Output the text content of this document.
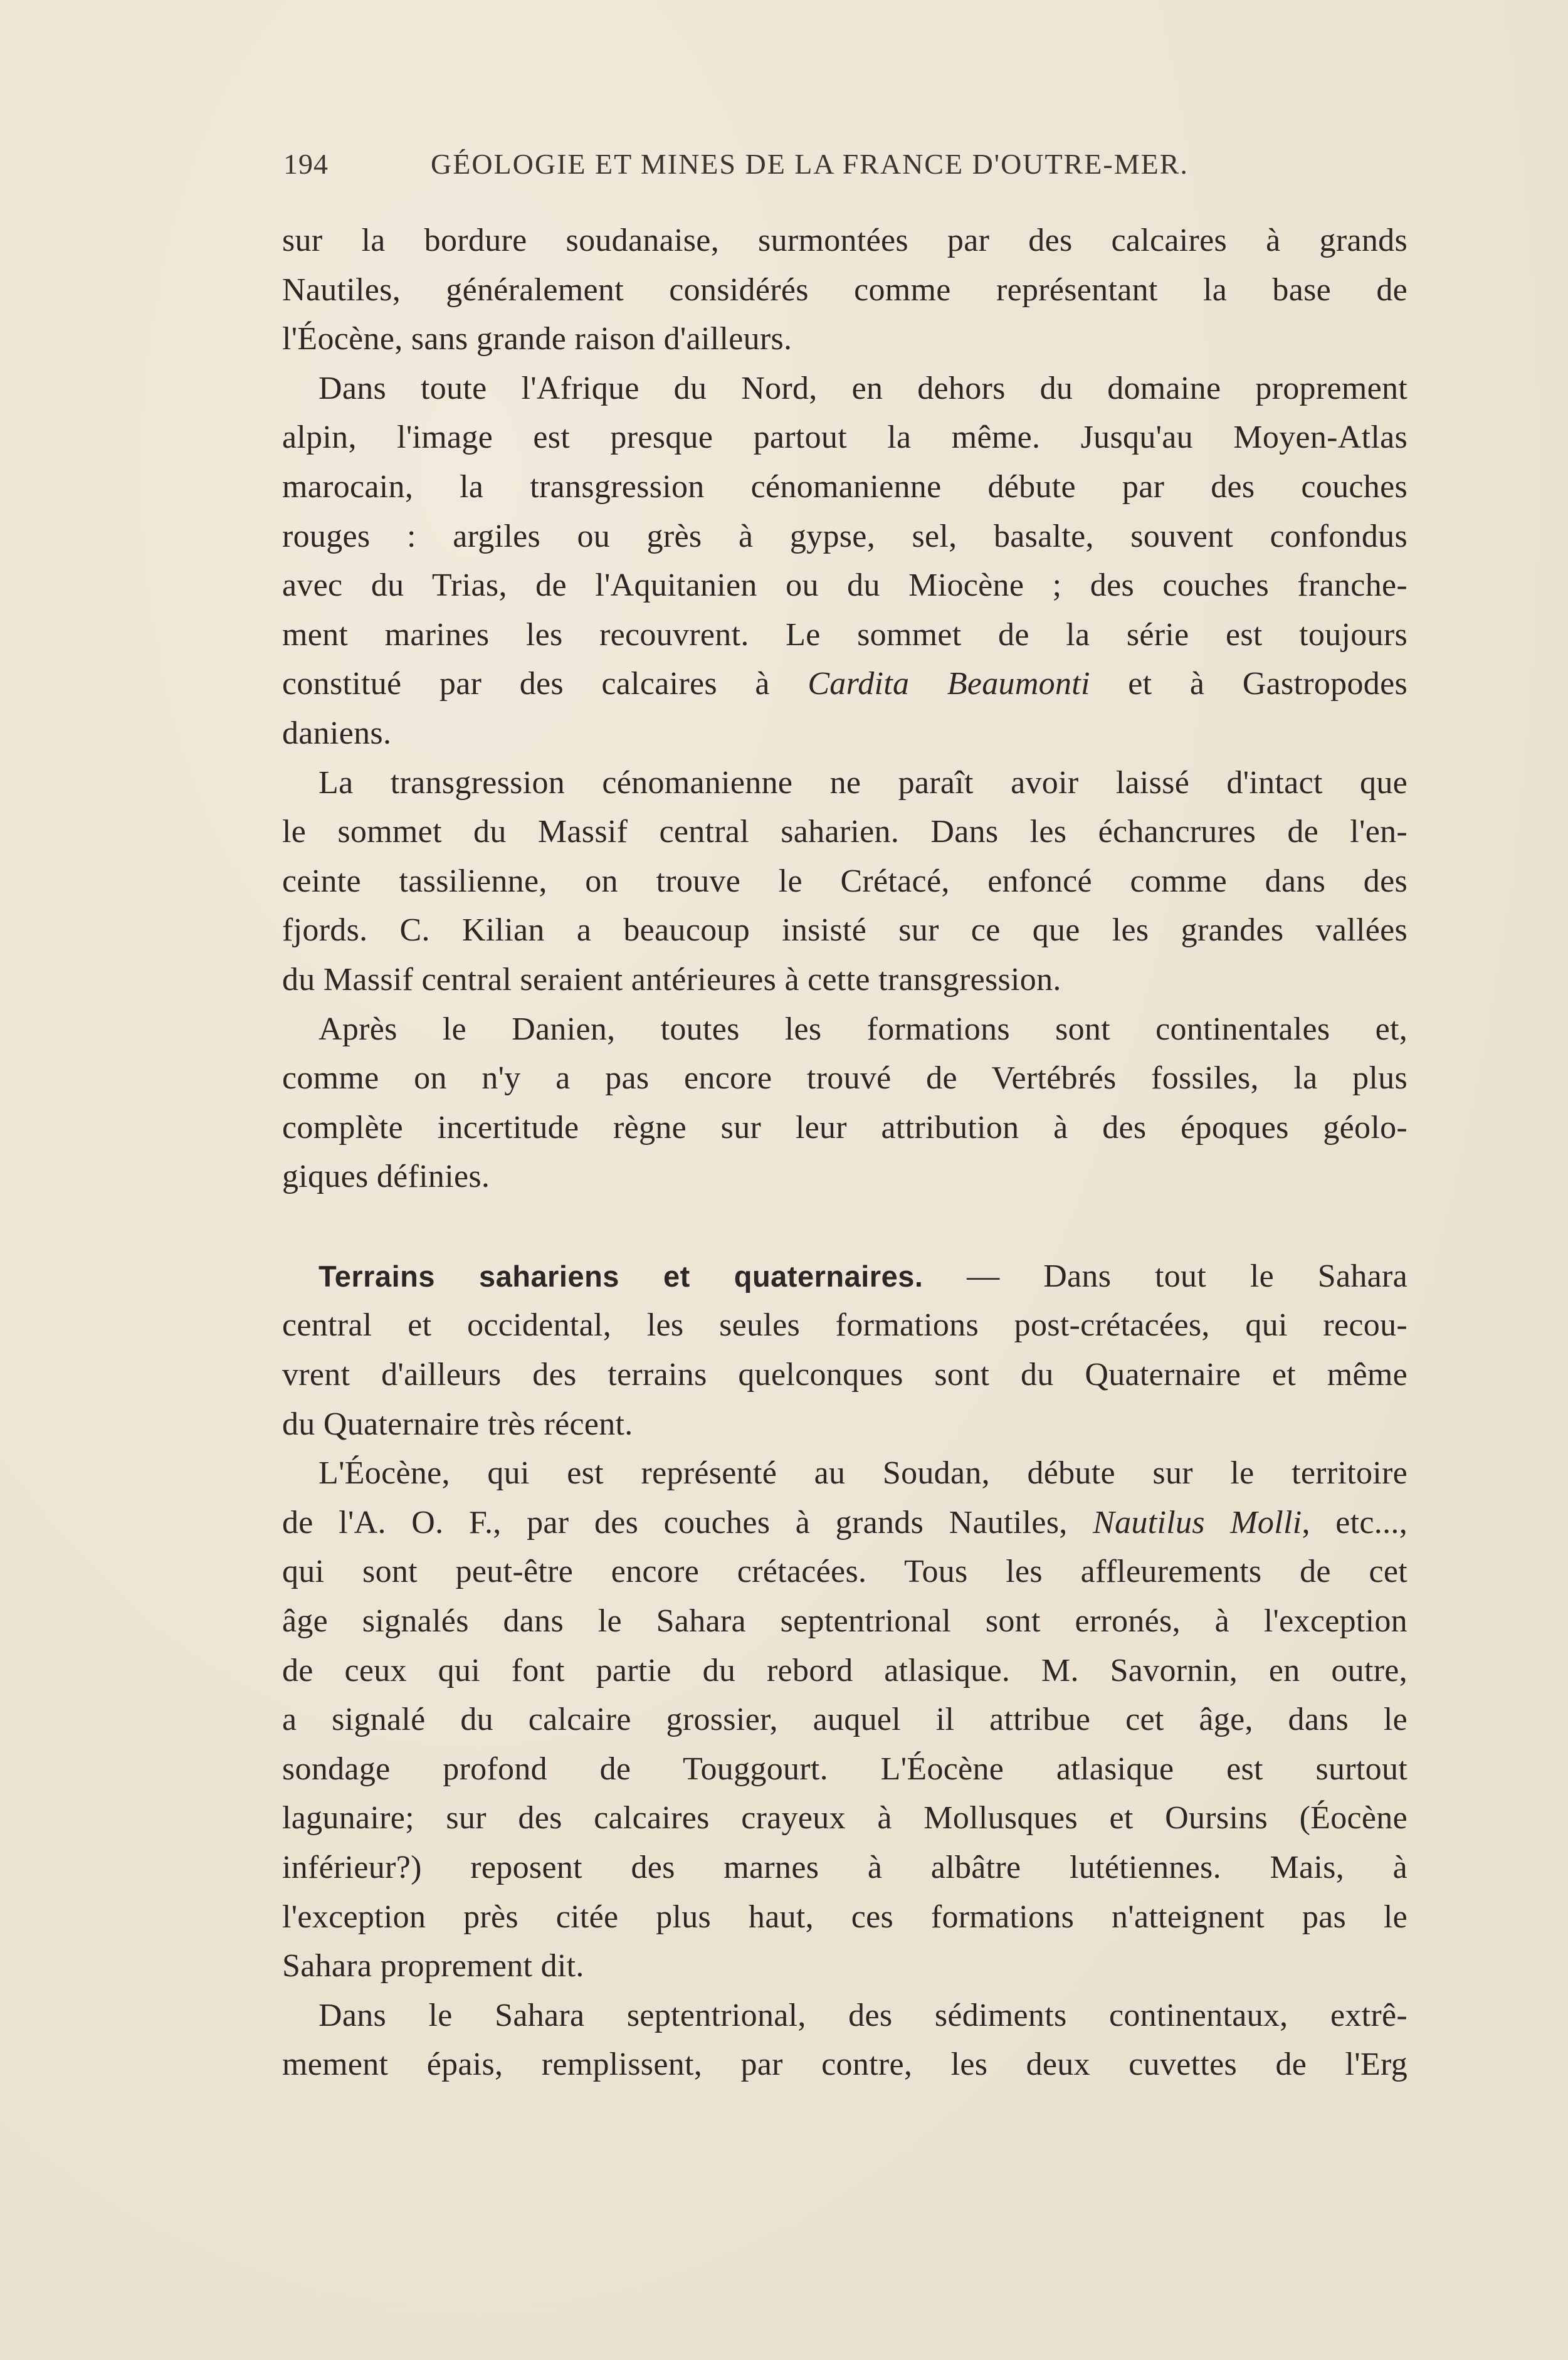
194	GÉOLOGIE ET MINES DE LA FRANCE D'OUTRE-MER.
sur la bordure soudanaise, surmontées par des calcaires à grands
Nautiles, généralement considérés comme représentant la base de
l'Éocène, sans grande raison d'ailleurs.
Dans toute l'Afrique du Nord, en dehors du domaine proprement
alpin, l'image est presque partout la même. Jusqu'au Moyen-Atlas
marocain, la transgression cénomanienne débute par des couches
rouges : argiles ou grès à gypse, sel, basalte, souvent confondus
avec du Trias, de l'Aquitanien ou du Miocène ; des couches franche-
ment marines les recouvrent. Le sommet de la série est toujours
constitué par des calcaires à Cardita Beaumonti et à Gastropodes
daniens.
La transgression cénomanienne ne paraît avoir laissé d'intact que
le sommet du Massif central saharien. Dans les échancrures de l'en-
ceinte tassilienne, on trouve le Crétacé, enfoncé comme dans des
fjords. C. Kilian a beaucoup insisté sur ce que les grandes vallées
du Massif central seraient antérieures à cette transgression.
Après le Danien, toutes les formations sont continentales et,
comme on n'y a pas encore trouvé de Vertébrés fossiles, la plus
complète incertitude règne sur leur attribution à des époques géolo-
giques définies.
Terrains sahariens et quaternaires. — Dans tout le Sahara
central et occidental, les seules formations post-crétacées, qui recou-
vrent d'ailleurs des terrains quelconques sont du Quaternaire et même
du Quaternaire très récent.
L'Éocène, qui est représenté au Soudan, débute sur le territoire
de l'A. O. F., par des couches à grands Nautiles, Nautilus Molli, etc...,
qui sont peut-être encore crétacées. Tous les affleurements de cet
âge signalés dans le Sahara septentrional sont erronés, à l'exception
de ceux qui font partie du rebord atlasique. M. Savornin, en outre,
a signalé du calcaire grossier, auquel il attribue cet âge, dans le
sondage profond de Touggourt. L'Éocène atlasique est surtout
lagunaire; sur des calcaires crayeux à Mollusques et Oursins (Éocène
inférieur?) reposent des marnes à albâtre lutétiennes. Mais, à
l'exception près citée plus haut, ces formations n'atteignent pas le
Sahara proprement dit.
Dans le Sahara septentrional, des sédiments continentaux, extrê-
mement épais, remplissent, par contre, les deux cuvettes de l'Erg
